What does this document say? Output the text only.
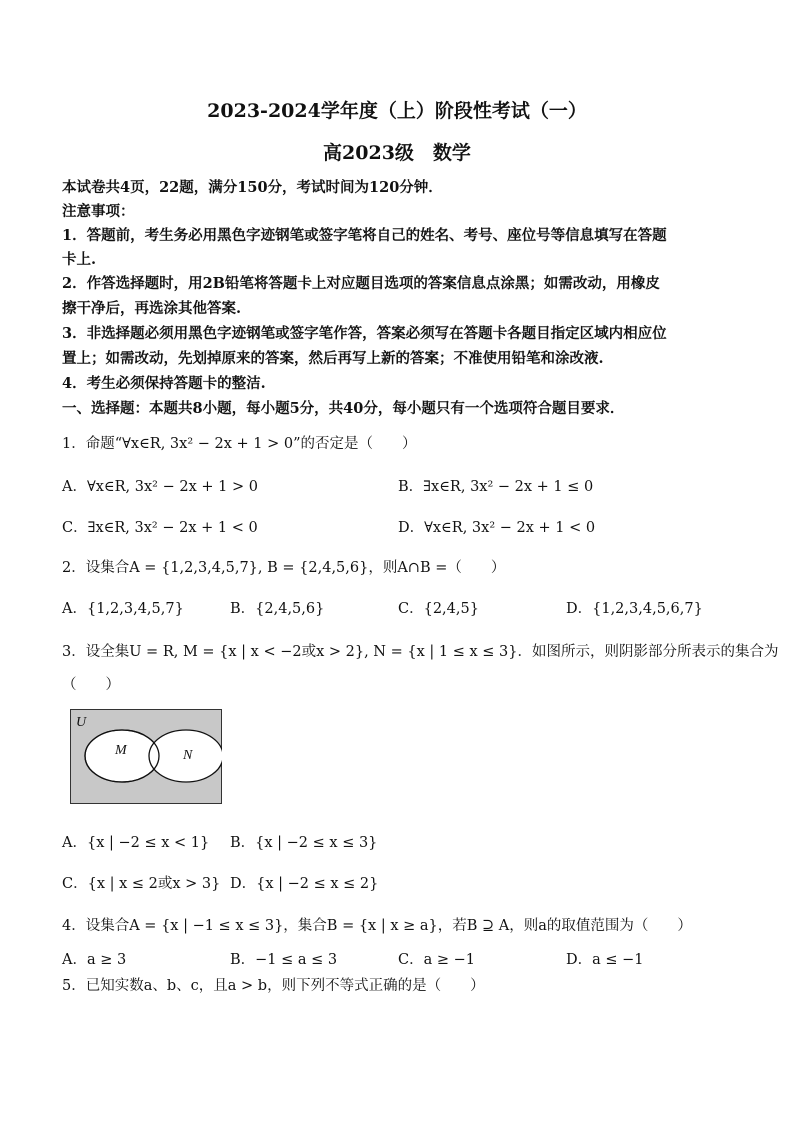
2023-2024学年度（上）阶段性考试（一）
高2023级　数学
本试卷共4页，22题，满分150分，考试时间为120分钟．
注意事项：
1．答题前，考生务必用黑色字迹钢笔或签字笔将自己的姓名、考号、座位号等信息填写在答题
卡上.
2．作答选择题时，用2B铅笔将答题卡上对应题目选项的答案信息点涂黑；如需改动，用橡皮
擦干净后，再选涂其他答案.
3．非选择题必须用黑色字迹钢笔或签字笔作答，答案必须写在答题卡各题目指定区域内相应位
置上；如需改动，先划掉原来的答案，然后再写上新的答案；不准使用铅笔和涂改液.
4．考生必须保持答题卡的整洁.
一、选择题：本题共8小题，每小题5分，共40分，每小题只有一个选项符合题目要求．
1．命题“∀x∈R, 3x² − 2x + 1 > 0”的否定是（　　）
A．∀x∈R, 3x² − 2x + 1 > 0	B．∃x∈R, 3x² − 2x + 1 ≤ 0
C．∃x∈R, 3x² − 2x + 1 < 0	D．∀x∈R, 3x² − 2x + 1 < 0
2．设集合A = {1,2,3,4,5,7}, B = {2,4,5,6}，则A∩B =（　　）
A．{1,2,3,4,5,7}	B．{2,4,5,6}	C．{2,4,5}	D．{1,2,3,4,5,6,7}
3．设全集U = R, M = {x | x < −2或x > 2}, N = {x | 1 ≤ x ≤ 3}．如图所示，则阴影部分所表示的集合为
（　　）
U
M	N
A．{x | −2 ≤ x < 1} B．{x | −2 ≤ x ≤ 3}
C．{x | x ≤ 2或x > 3} D．{x | −2 ≤ x ≤ 2}
4．设集合A = {x | −1 ≤ x ≤ 3}，集合B = {x | x ≥ a}，若B ⊇ A，则a的取值范围为（　　）
A．a ≥ 3	B．−1 ≤ a ≤ 3	C．a ≥ −1	D．a ≤ −1
5．已知实数a、b、c，且a > b，则下列不等式正确的是（　　）
